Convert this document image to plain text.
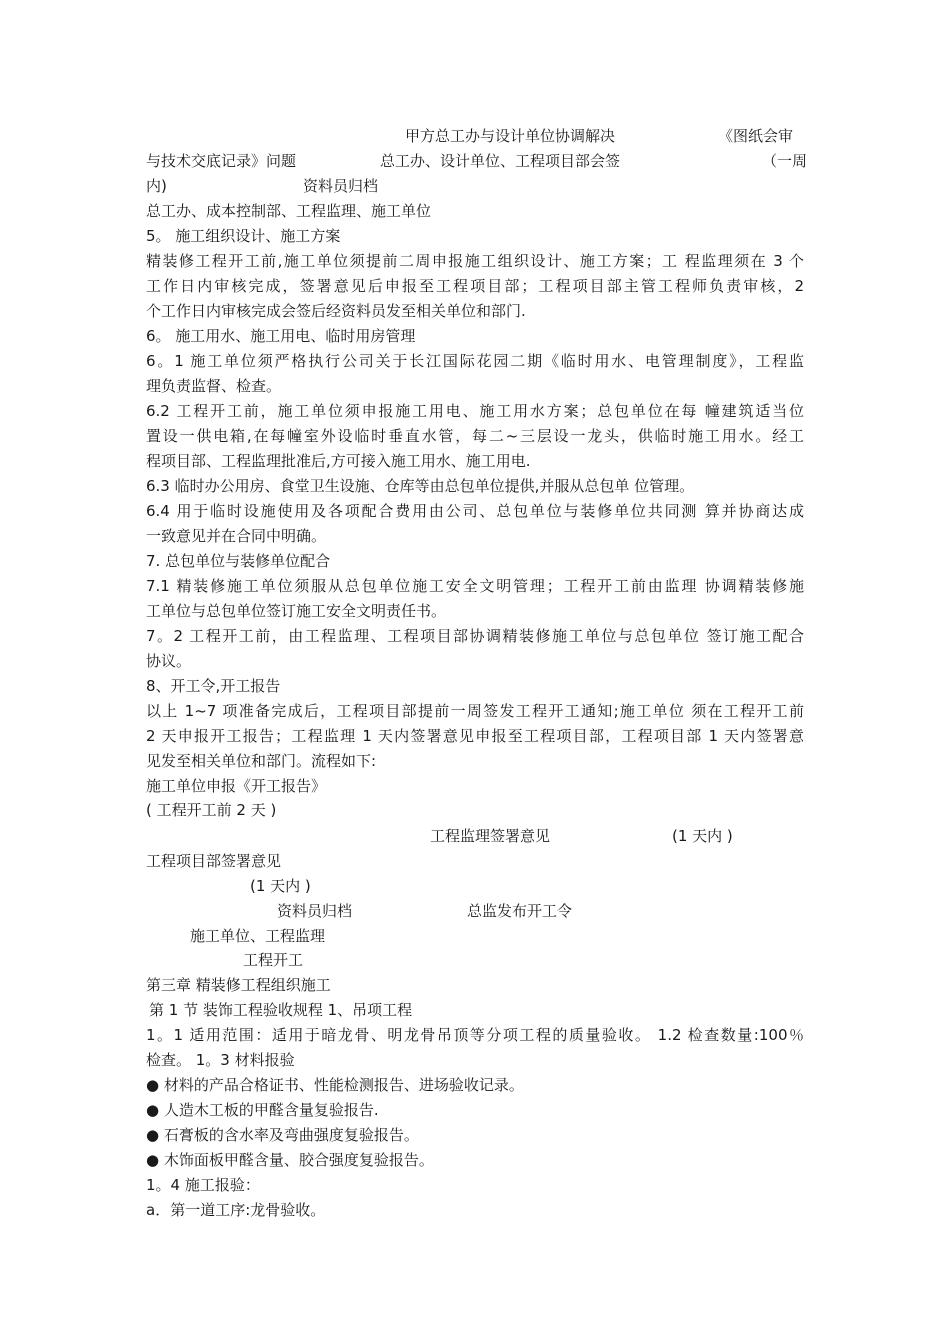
甲方总工办与设计单位协调解决	《图纸会审
与技术交底记录》问题	总工办、设计单位、工程项目部会签	（一周
内)	资料员归档
总工办、成本控制部、工程监理、施工单位
5。 施工组织设计、施工方案
精装修工程开工前,施工单位须提前二周申报施工组织设计、施工方案；工 程监理须在 3 个
工作日内审核完成，签署意见后申报至工程项目部；工程项目部主管工程师负责审核，2
个工作日内审核完成会签后经资料员发至相关单位和部门.
6。 施工用水、施工用电、临时用房管理
6。1 施工单位须严格执行公司关于长江国际花园二期《临时用水、电管理制度》，工程监
理负责监督、检查。
6.2 工程开工前，施工单位须申报施工用电、施工用水方案；总包单位在每 幢建筑适当位
置设一供电箱,在每幢室外设临时垂直水管，每二~三层设一龙头，供临时施工用水。经工
程项目部、工程监理批准后,方可接入施工用水、施工用电.
6.3 临时办公用房、食堂卫生设施、仓库等由总包单位提供,并服从总包单 位管理。
6.4 用于临时设施使用及各项配合费用由公司、总包单位与装修单位共同测 算并协商达成
一致意见并在合同中明确。
7. 总包单位与装修单位配合
7.1 精装修施工单位须服从总包单位施工安全文明管理；工程开工前由监理 协调精装修施
工单位与总包单位签订施工安全文明责任书。
7。2 工程开工前，由工程监理、工程项目部协调精装修施工单位与总包单位 签订施工配合
协议。
8、开工令,开工报告
以上 1~7 项准备完成后，工程项目部提前一周签发工程开工通知;施工单位 须在工程开工前
2 天申报开工报告；工程监理 1 天内签署意见申报至工程项目部，工程项目部 1 天内签署意
见发至相关单位和部门。流程如下:
施工单位申报《开工报告》
( 工程开工前 2 天 )
工程监理签署意见	(1 天内 )
工程项目部签署意见
(1 天内 )
资料员归档	总监发布开工令
施工单位、工程监理
工程开工
第三章 精装修工程组织施工
第 1 节 装饰工程验收规程 1、吊项工程
1。1 适用范围：适用于暗龙骨、明龙骨吊顶等分项工程的质量验收。 1.2 检查数量:100％
检查。 1。3 材料报验
● 材料的产品合格证书、性能检测报告、进场验收记录。
● 人造木工板的甲醛含量复验报告.
● 石膏板的含水率及弯曲强度复验报告。
● 木饰面板甲醛含量、胶合强度复验报告。
1。4 施工报验：
a．第一道工序:龙骨验收。
